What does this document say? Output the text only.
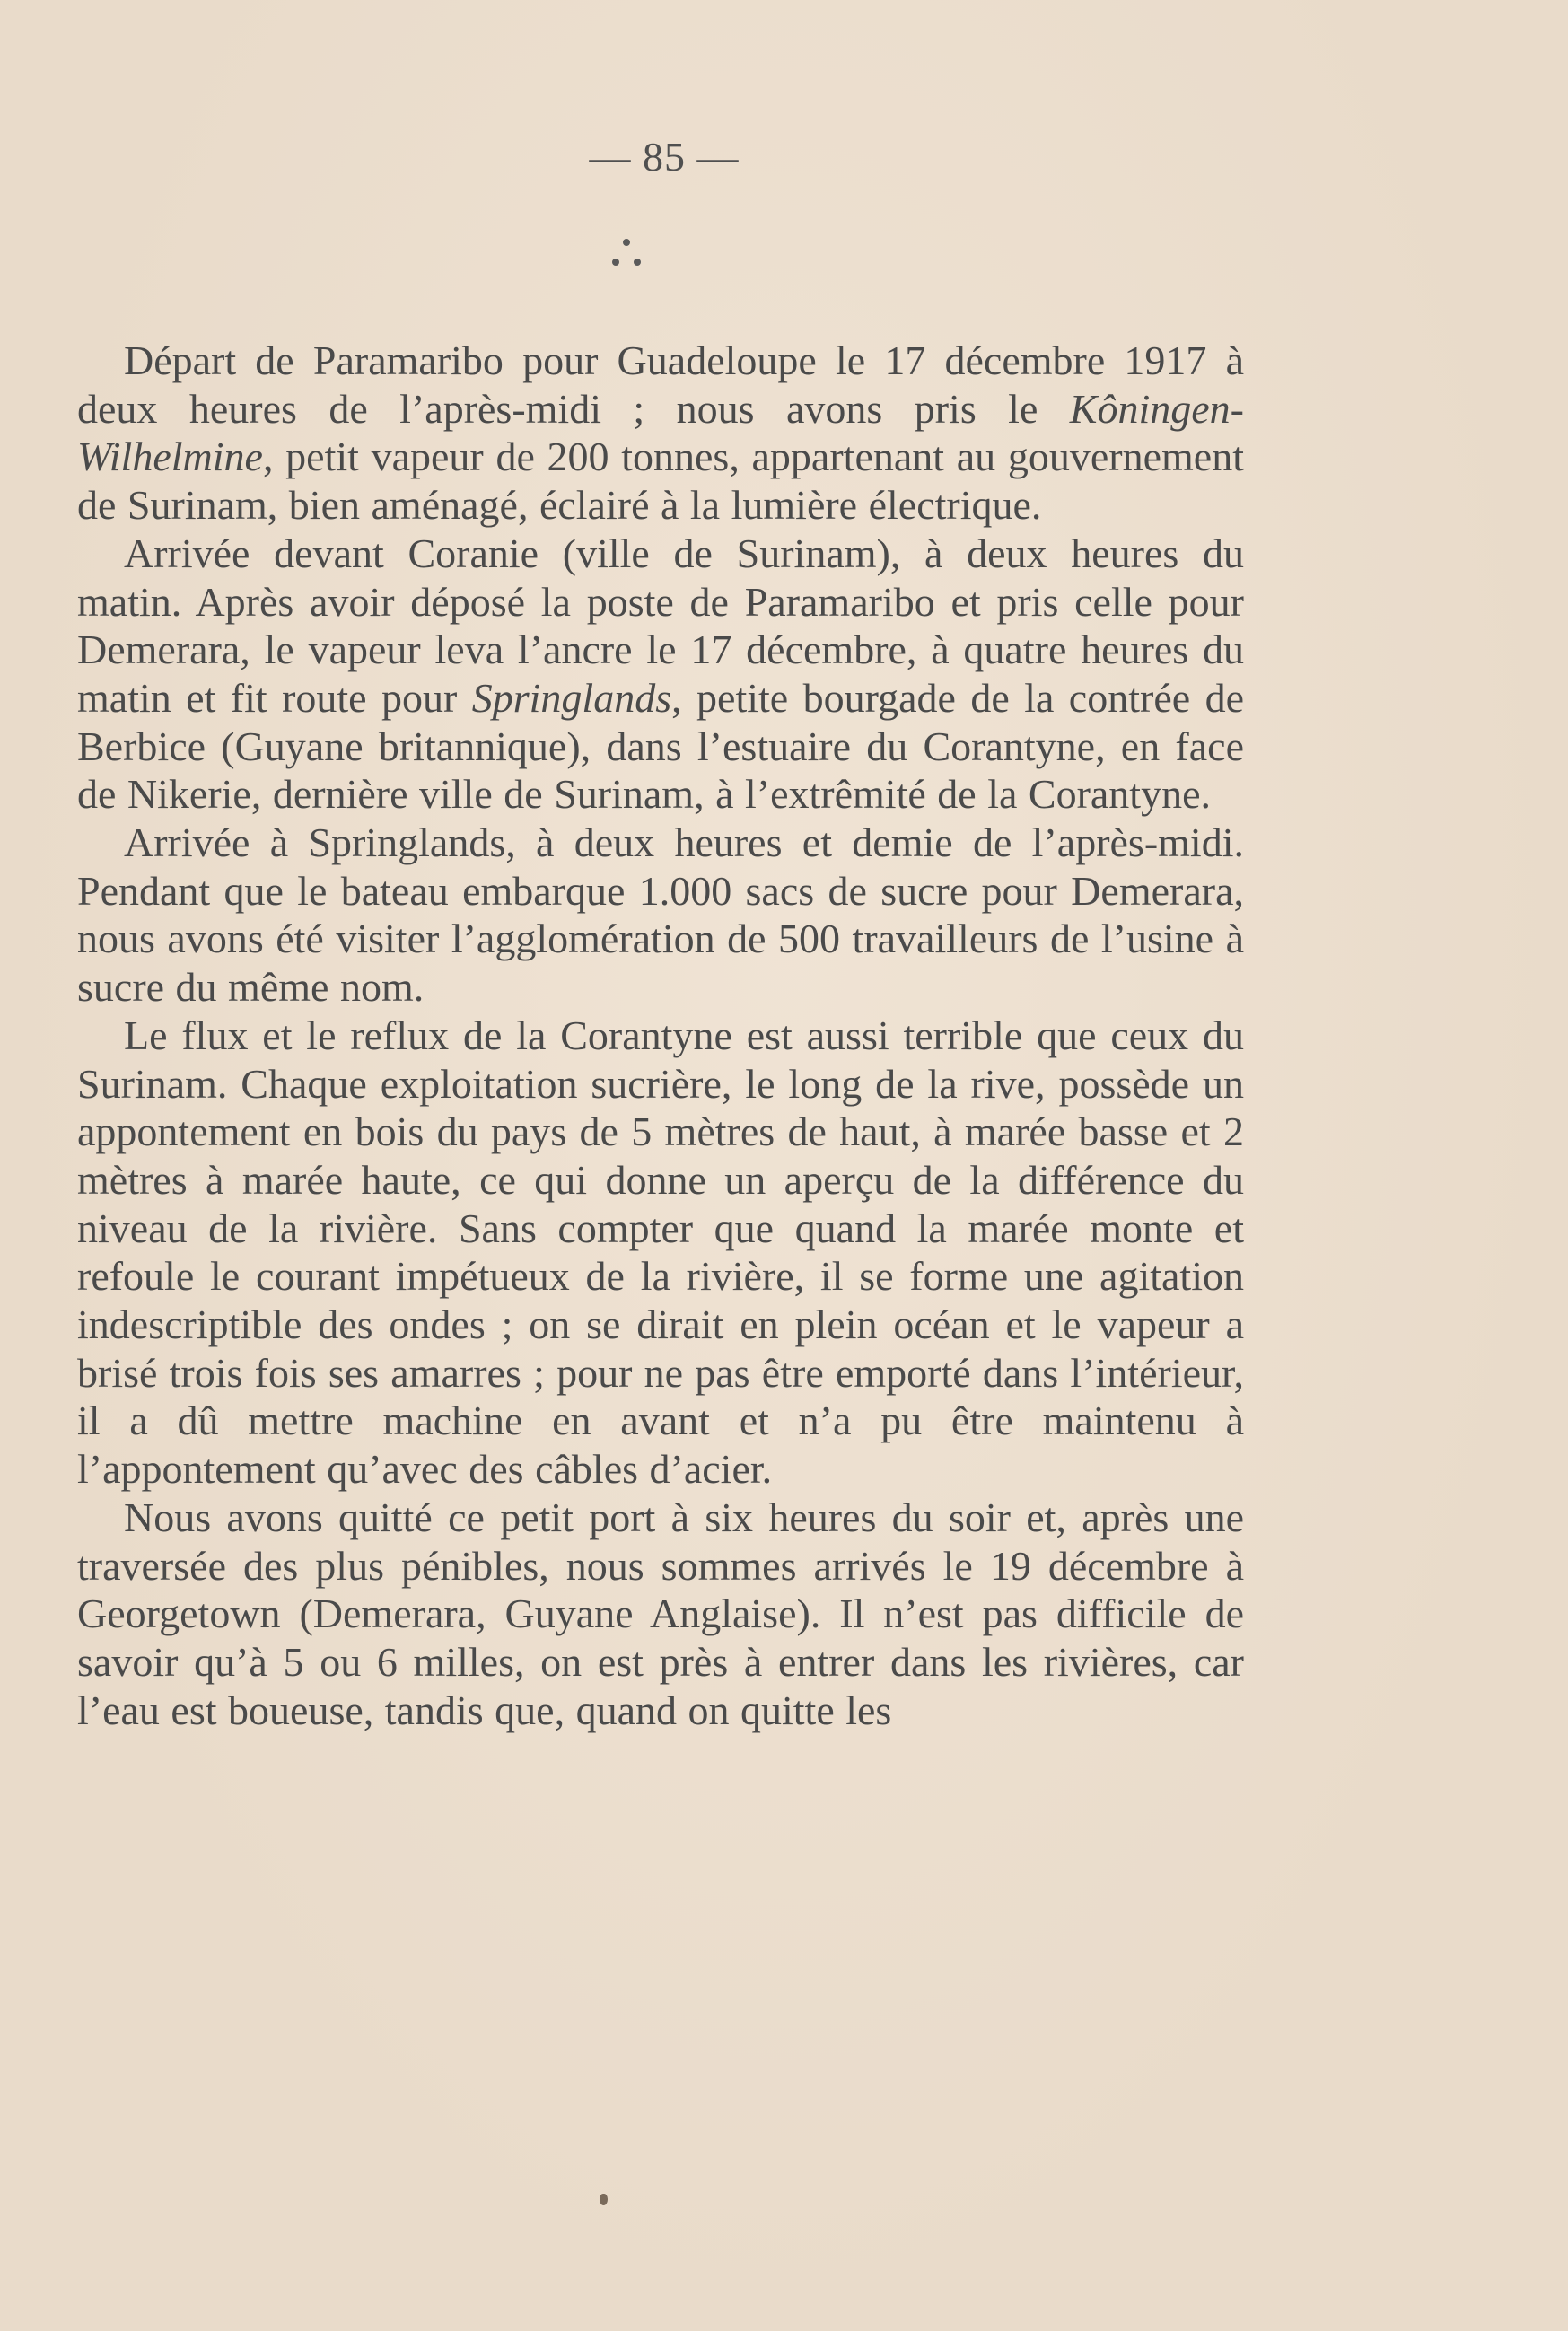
— 85 —

Départ de Paramaribo pour Guadeloupe le 17 décembre 1917 à deux heures de l’après-midi ; nous avons pris le Kôningen-Wilhelmine, petit vapeur de 200 tonnes, appartenant au gouvernement de Surinam, bien aménagé, éclairé à la lumière électrique.

Arrivée devant Coranie (ville de Surinam), à deux heures du matin. Après avoir déposé la poste de Paramaribo et pris celle pour Demerara, le vapeur leva l’ancre le 17 décembre, à quatre heures du matin et fit route pour Springlands, petite bourgade de la contrée de Berbice (Guyane britannique), dans l’estuaire du Corantyne, en face de Nikerie, dernière ville de Surinam, à l’extrêmité de la Corantyne.

Arrivée à Springlands, à deux heures et demie de l’après-midi. Pendant que le bateau embarque 1.000 sacs de sucre pour Demerara, nous avons été visiter l’agglomération de 500 travailleurs de l’usine à sucre du même nom.

Le flux et le reflux de la Corantyne est aussi terrible que ceux du Surinam. Chaque exploitation sucrière, le long de la rive, possède un appontement en bois du pays de 5 mètres de haut, à marée basse et 2 mètres à marée haute, ce qui donne un aperçu de la différence du niveau de la rivière. Sans compter que quand la marée monte et refoule le courant impétueux de la rivière, il se forme une agitation indescriptible des ondes ; on se dirait en plein océan et le vapeur a brisé trois fois ses amarres ; pour ne pas être emporté dans l’intérieur, il a dû mettre machine en avant et n’a pu être maintenu à l’appontement qu’avec des câbles d’acier.

Nous avons quitté ce petit port à six heures du soir et, après une traversée des plus pénibles, nous sommes arrivés le 19 décembre à Georgetown (Demerara, Guyane Anglaise). Il n’est pas difficile de savoir qu’à 5 ou 6 milles, on est près à entrer dans les rivières, car l’eau est boueuse, tandis que, quand on quitte les
